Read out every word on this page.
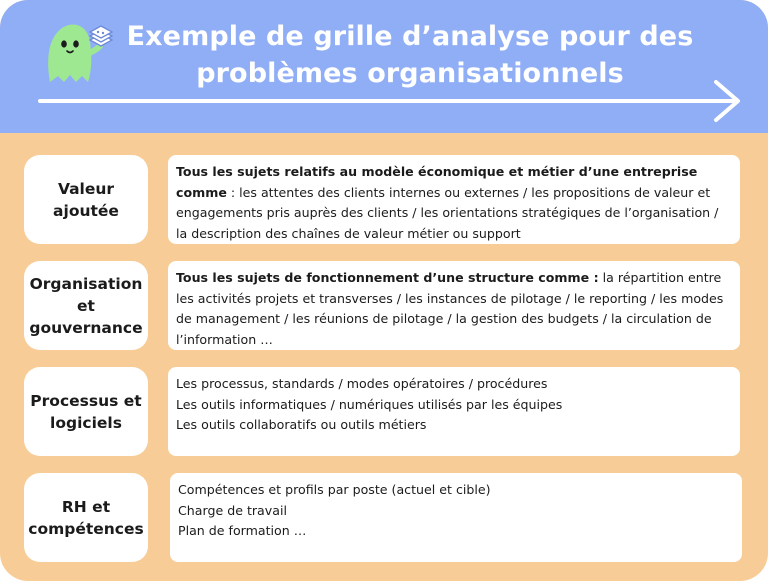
Exemple de grille d’analyse pour des problèmes organisationnels
Valeur ajoutée
Tous les sujets relatifs au modèle économique et métier d’une entreprise comme : les attentes des clients internes ou externes / les propositions de valeur et engagements pris auprès des clients / les orientations stratégiques de l’organisation / la description des chaînes de valeur métier ou support
Organisation et gouvernance
Tous les sujets de fonctionnement d’une structure comme : la répartition entre les activités projets et transverses / les instances de pilotage / le reporting / les modes de management / les réunions de pilotage / la gestion des budgets / la circulation de l’information …
Processus et logiciels
Les processus, standards / modes opératoires / procédures
Les outils informatiques / numériques utilisés par les équipes
Les outils collaboratifs ou outils métiers
RH et compétences
Compétences et profils par poste (actuel et cible)
Charge de travail
Plan de formation …
